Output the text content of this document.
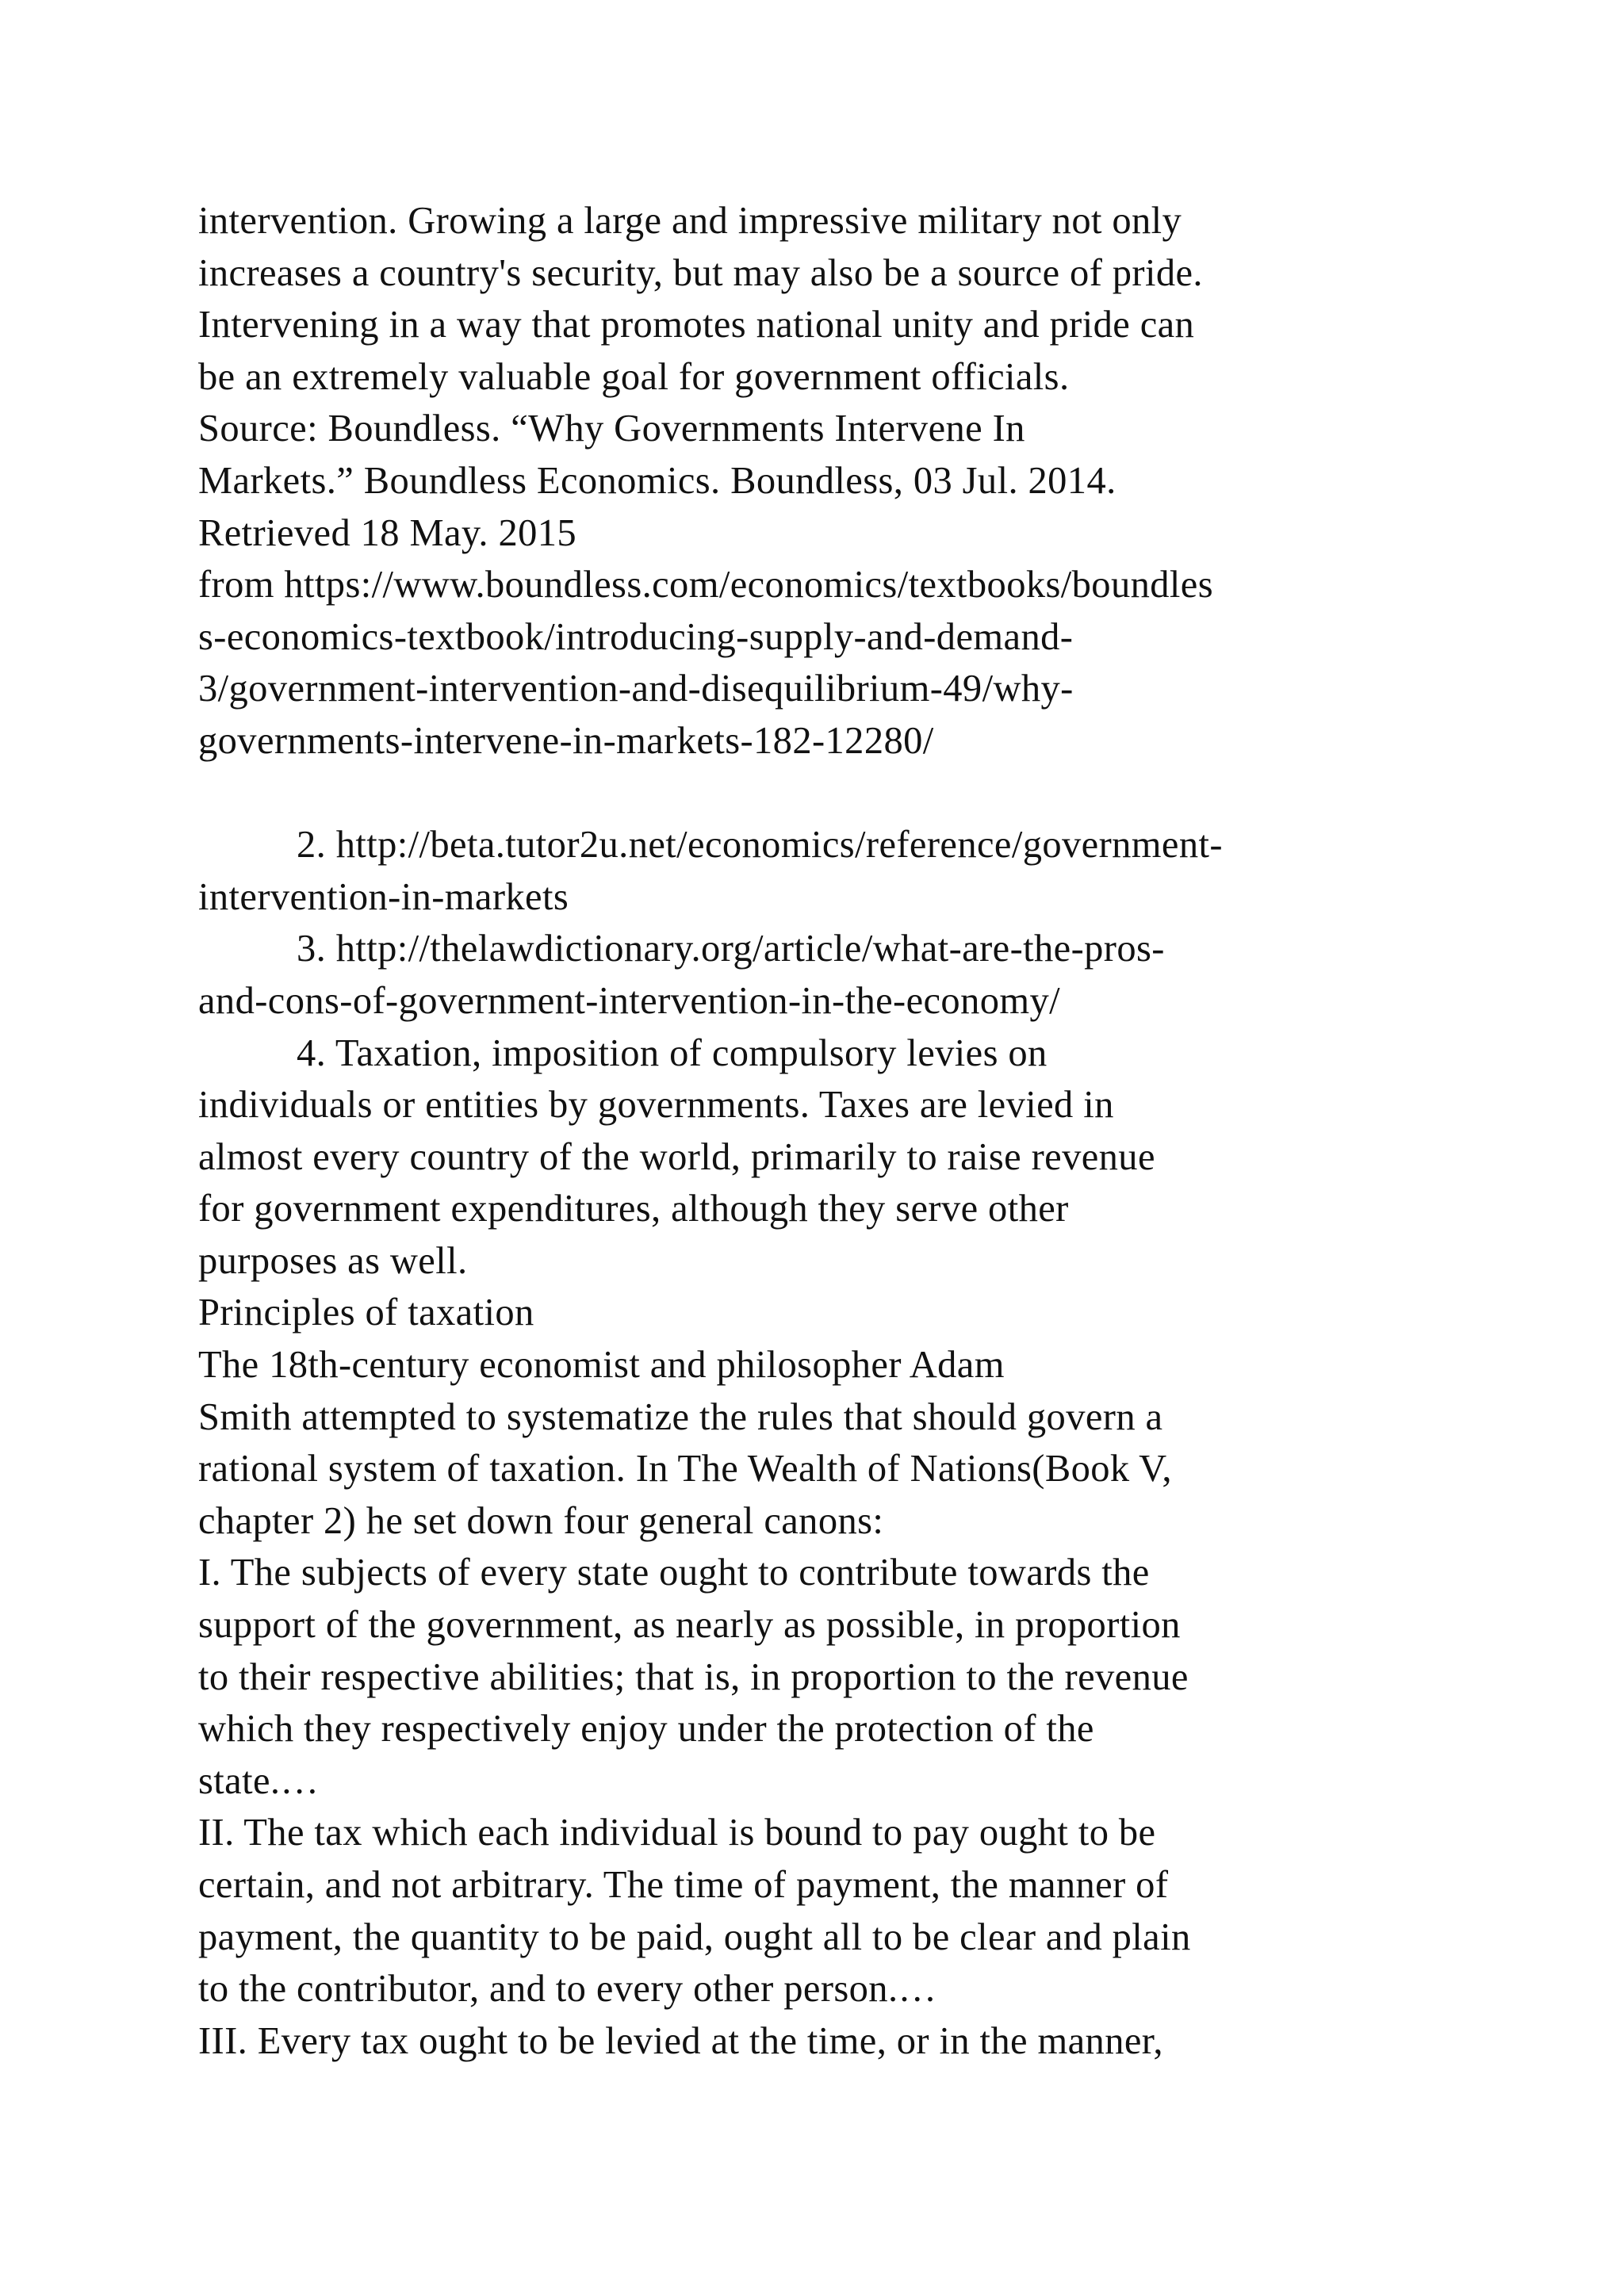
intervention. Growing a large and impressive military not only
increases a country's security, but may also be a source of pride.
Intervening in a way that promotes national unity and pride can
be an extremely valuable goal for government officials.
Source: Boundless. “Why Governments Intervene In
Markets.” Boundless Economics. Boundless, 03 Jul. 2014.
Retrieved 18 May. 2015
from https://www.boundless.com/economics/textbooks/boundles
s-economics-textbook/introducing-supply-and-demand-
3/government-intervention-and-disequilibrium-49/why-
governments-intervene-in-markets-182-12280/
2. http://beta.tutor2u.net/economics/reference/government-
intervention-in-markets
3. http://thelawdictionary.org/article/what-are-the-pros-
and-cons-of-government-intervention-in-the-economy/
4. Taxation, imposition of compulsory levies on
individuals or entities by governments. Taxes are levied in
almost every country of the world, primarily to raise revenue
for government expenditures, although they serve other
purposes as well.
Principles of taxation
The 18th-century economist and philosopher Adam
Smith attempted to systematize the rules that should govern a
rational system of taxation. In The Wealth of Nations(Book V,
chapter 2) he set down four general canons:
I. The subjects of every state ought to contribute towards the
support of the government, as nearly as possible, in proportion
to their respective abilities; that is, in proportion to the revenue
which they respectively enjoy under the protection of the
state.…
II. The tax which each individual is bound to pay ought to be
certain, and not arbitrary. The time of payment, the manner of
payment, the quantity to be paid, ought all to be clear and plain
to the contributor, and to every other person.…
III. Every tax ought to be levied at the time, or in the manner,
